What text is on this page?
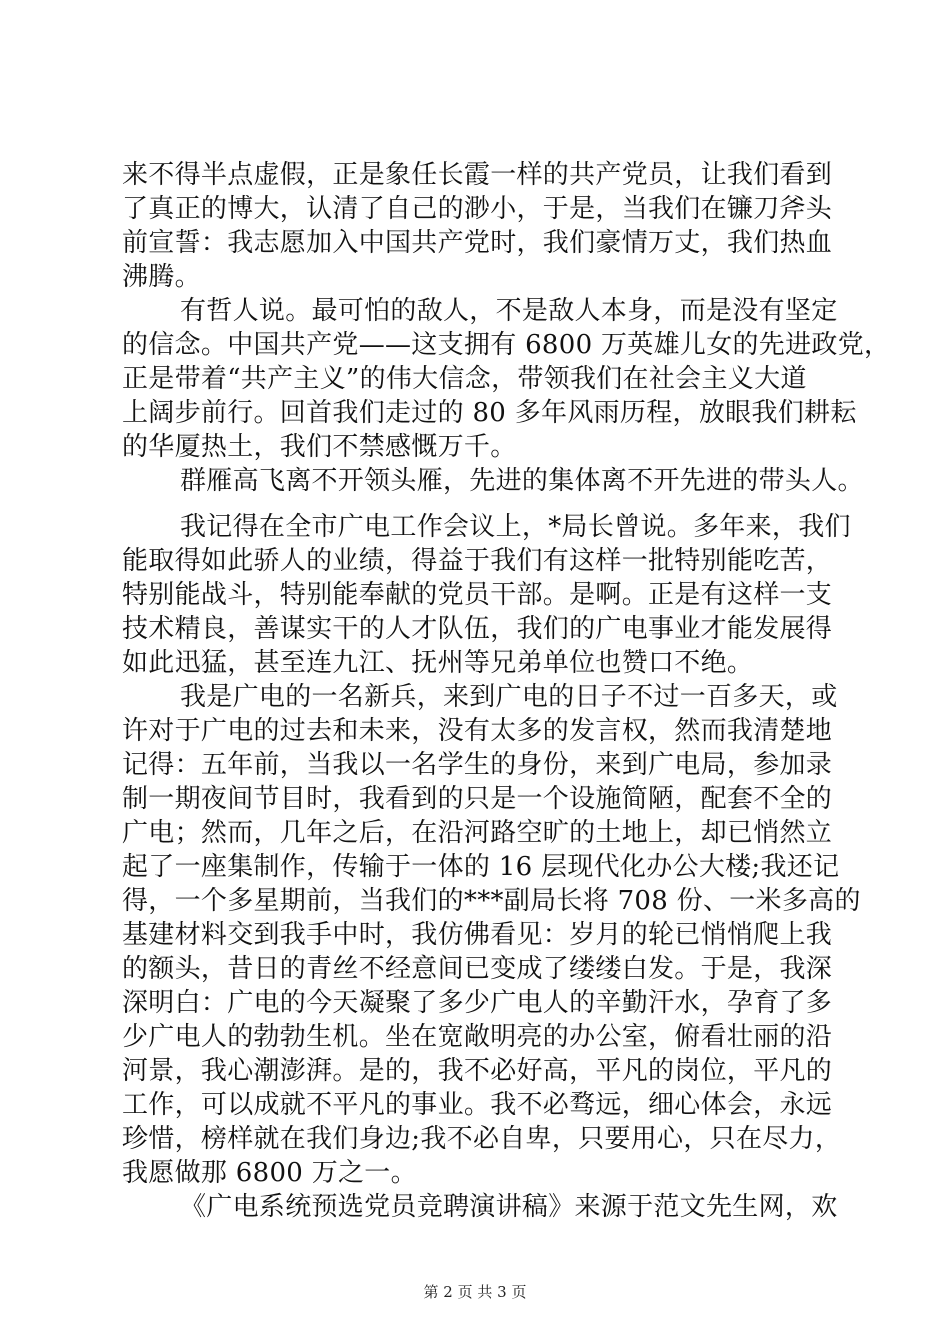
来不得半点虚假，正是象任长霞一样的共产党员，让我们看到
了真正的博大，认清了自己的渺小，于是，当我们在镰刀斧头
前宣誓：我志愿加入中国共产党时，我们豪情万丈，我们热血
沸腾。
有哲人说。最可怕的敌人，不是敌人本身，而是没有坚定
的信念。中国共产党——这支拥有 6800 万英雄儿女的先进政党，
正是带着“共产主义”的伟大信念，带领我们在社会主义大道
上阔步前行。回首我们走过的 80 多年风雨历程，放眼我们耕耘
的华厦热土，我们不禁感慨万千。
群雁高飞离不开领头雁，先进的集体离不开先进的带头人。
我记得在全市广电工作会议上，*局长曾说。多年来，我们
能取得如此骄人的业绩，得益于我们有这样一批特别能吃苦，
特别能战斗，特别能奉献的党员干部。是啊。正是有这样一支
技术精良，善谋实干的人才队伍，我们的广电事业才能发展得
如此迅猛，甚至连九江、抚州等兄弟单位也赞口不绝。
我是广电的一名新兵，来到广电的日子不过一百多天，或
许对于广电的过去和未来，没有太多的发言权，然而我清楚地
记得：五年前，当我以一名学生的身份，来到广电局，参加录
制一期夜间节目时，我看到的只是一个设施简陋，配套不全的
广电；然而，几年之后，在沿河路空旷的土地上，却已悄然立
起了一座集制作，传输于一体的 16 层现代化办公大楼;我还记
得，一个多星期前，当我们的***副局长将 708 份、一米多高的
基建材料交到我手中时，我仿佛看见：岁月的轮已悄悄爬上我
的额头，昔日的青丝不经意间已变成了缕缕白发。于是，我深
深明白：广电的今天凝聚了多少广电人的辛勤汗水，孕育了多
少广电人的勃勃生机。坐在宽敞明亮的办公室，俯看壮丽的沿
河景，我心潮澎湃。是的，我不必好高，平凡的岗位，平凡的
工作，可以成就不平凡的事业。我不必骛远，细心体会，永远
珍惜，榜样就在我们身边;我不必自卑，只要用心，只在尽力，
我愿做那 6800 万之一。
《广电系统预选党员竞聘演讲稿》来源于范文先生网，欢
第 2 页 共 3 页
